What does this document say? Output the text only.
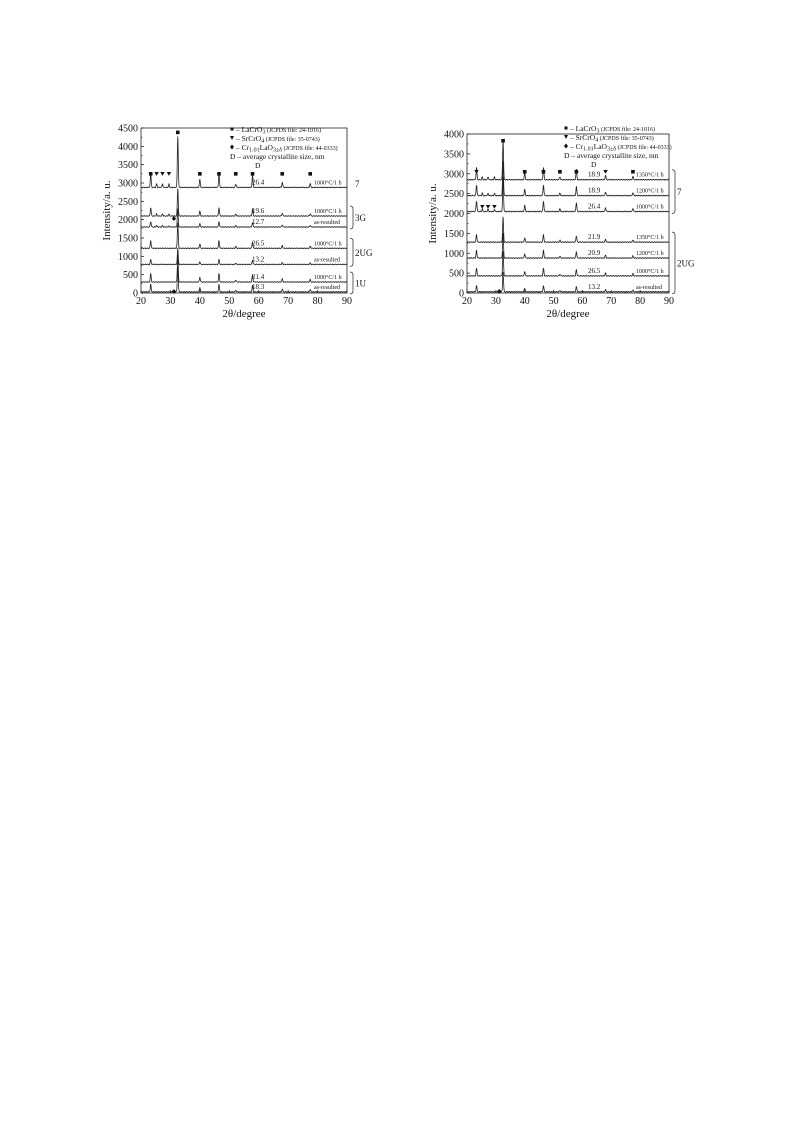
20 30 40 50 60 70 80 90
0
500
1000
1500
2000
2500
3000
3500
4000
4500
2θ/degree
Intensity/a. u.
18.3	as-resulted
21.4	1000°C/1 h
13.2	as-resulted
26.5	1000°C/1 h
12.7	as-resulted
19.6	1000°C/1 h
26.4	1000°C/1 h 7
3G
2UG
1U
– LaCrO$_3$ $^{(JCPDS file: 24-1016)}$
– SrCrO$_4$ $^{(JCPDS file: 35-0743)}$
– $Cr_{1.01}LaO_{3\pm\delta}$ $^{(JCPDS file: 44-0333)}$
D – average crystallite size, nm
D
20 30 40 50 60 70 80 90
0
500
1000
1500
2000
2500
3000
3500
4000
2θ/degree
Intensity/a. u.
13.2	as-resulted
26.5	1000°C/1 h
20.9	1200°C/1 h
21.9	1350°C/1 h
26.4	1000°C/1 h
18.9	1200°C/1 h
18.9	1350°C/1 h
7
2UG
– LaCrO$_3$ $^{(JCPDS file: 24-1016)}$
– SrCrO$_4$ $^{(JCPDS file: 35-0743)}$
– $Cr_{1.01}LaO_{3\pm\delta}$ $^{(JCPDS file: 44-0333)}$
D – average crystallite size, nm
D
